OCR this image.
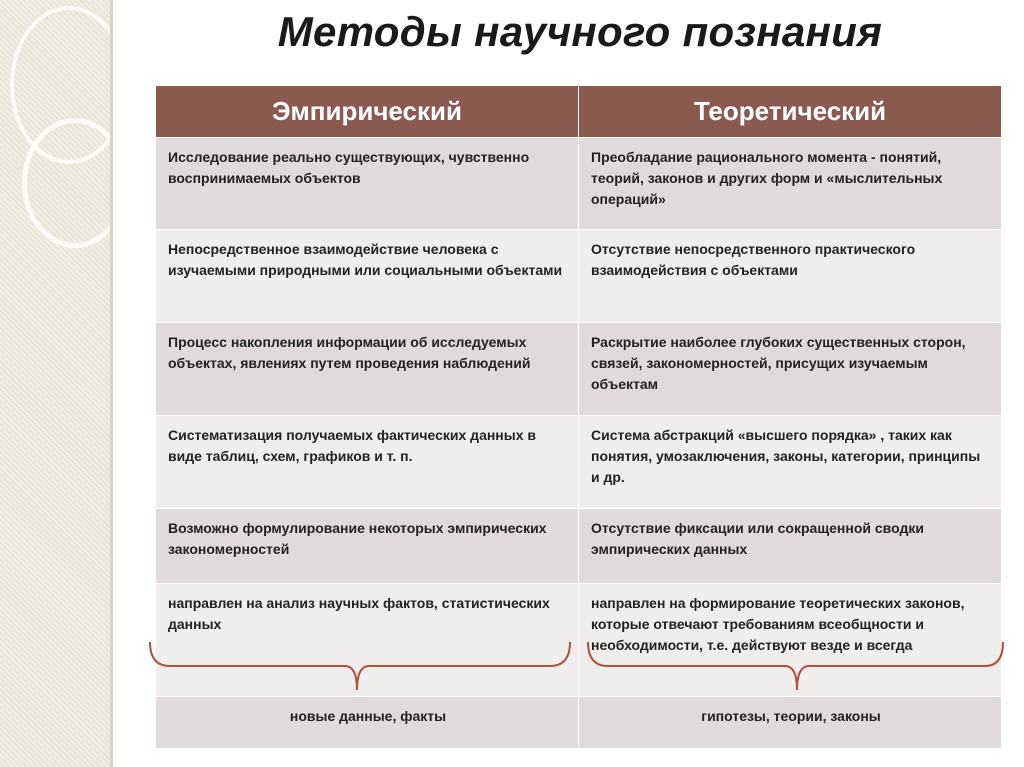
Методы научного познания
Эмпирический	Теоретический
Исследование реально существующих, чувственно воспринимаемых объектов	Преобладание рационального момента - понятий, теорий, законов и других форм и «мыслительных операций»
Непосредственное взаимодействие человека с изучаемыми природными или социальными объектами	Отсутствие непосредственного практического взаимодействия с объектами
Процесс накопления информации об исследуемых объектах, явлениях путем проведения наблюдений	Раскрытие наиболее глубоких существенных сторон, связей, закономерностей, присущих изучаемым объектам
Систематизация получаемых фактических данных в виде таблиц, схем, графиков и т. п.	Система абстракций «высшего порядка» , таких как понятия, умозаключения, законы, категории, принципы и др.
Возможно формулирование некоторых эмпирических закономерностей	Отсутствие фиксации или сокращенной сводки эмпирических данных
направлен на анализ научных фактов, статистических данных	направлен на формирование теоретических законов, которые отвечают требованиям всеобщности и необходимости, т.е. действуют везде и всегда
новые данные, факты	гипотезы, теории, законы
